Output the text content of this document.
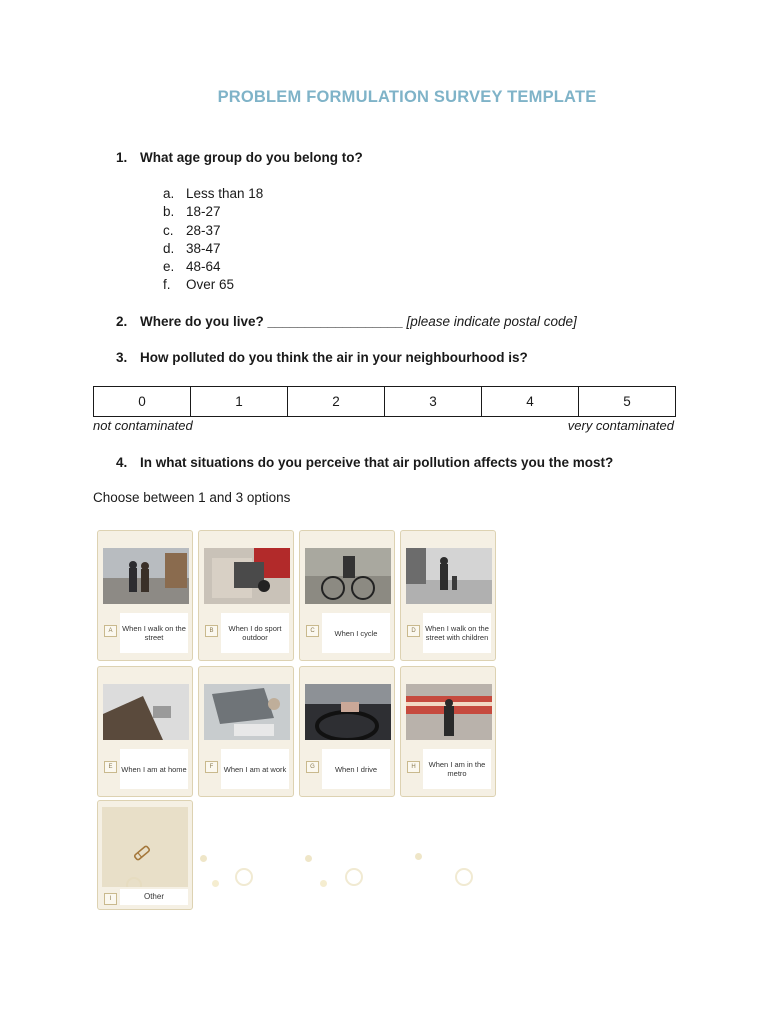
PROBLEM FORMULATION SURVEY TEMPLATE
1. What age group do you belong to?
a. Less than 18
b. 18-27
c. 28-37
d. 38-47
e. 48-64
f. Over 65
2. Where do you live? __________________ [please indicate postal code]
3. How polluted do you think the air in your neighbourhood is?
0	1	2	3	4	5
not contaminated	very contaminated
4. In what situations do you perceive that air pollution affects you the most?
Choose between 1 and 3 options
A	When I walk on the street
B	When I do sport outdoor
C	When I cycle	D	When I walk on the street with children
E	When I am at home	F	When I am at work	G	When I drive	H	When I am in the metro
I	Other
